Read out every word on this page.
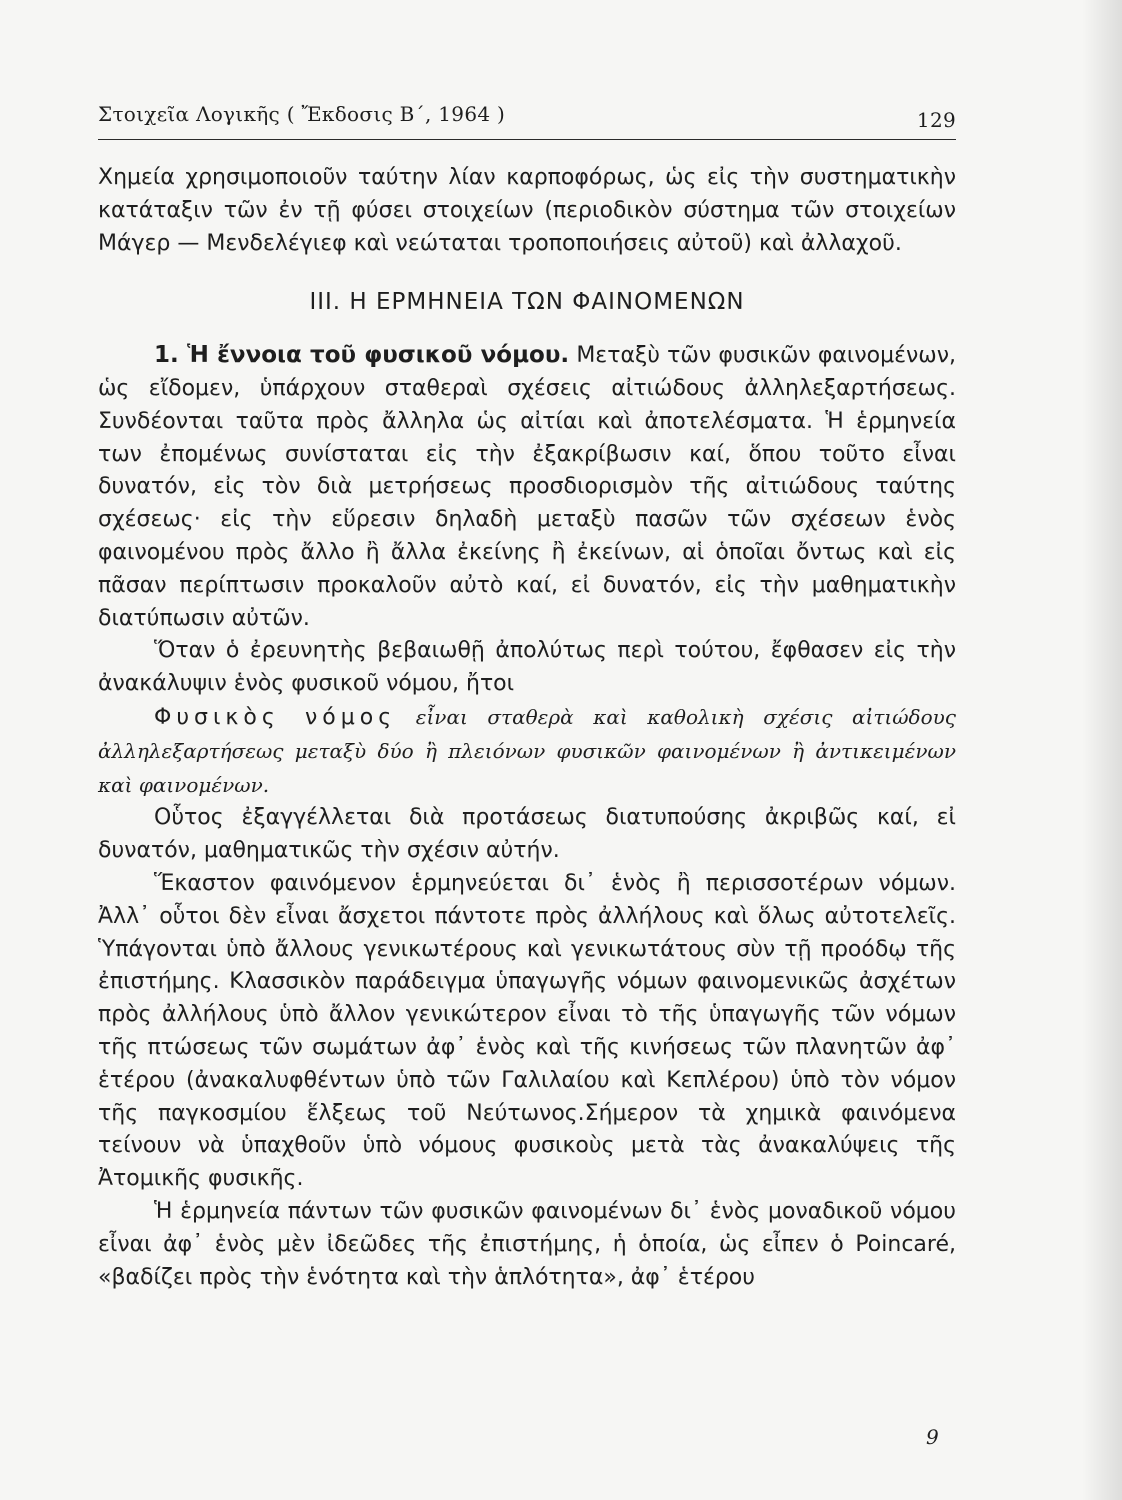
Στοιχεῖα Λογικῆς ( Ἔκδοσις Β΄, 1964 )	129

Χημεία χρησιμοποιοῦν ταύτην λίαν καρποφόρως, ὡς εἰς τὴν συστηματικὴν κατάταξιν τῶν ἐν τῇ φύσει στοιχείων (περιοδικὸν σύστημα τῶν στοιχείων Μάγερ — Μενδελέγιεφ καὶ νεώταται τροποποιήσεις αὐτοῦ) καὶ ἀλλαχοῦ.

III. Η ΕΡΜΗΝΕΙΑ ΤΩΝ ΦΑΙΝΟΜΕΝΩΝ

1. Ἡ ἔννοια τοῦ φυσικοῦ νόμου. Μεταξὺ τῶν φυσικῶν φαινομένων, ὡς εἴδομεν, ὑπάρχουν σταθεραὶ σχέσεις αἰτιώδους ἀλληλεξαρτήσεως. Συνδέονται ταῦτα πρὸς ἄλληλα ὡς αἰτίαι καὶ ἀποτελέσματα. Ἡ ἑρμηνεία των ἐπομένως συνίσταται εἰς τὴν ἐξακρίβωσιν καί, ὅπου τοῦτο εἶναι δυνατόν, εἰς τὸν διὰ μετρήσεως προσδιορισμὸν τῆς αἰτιώδους ταύτης σχέσεως· εἰς τὴν εὕρεσιν δηλαδὴ μεταξὺ πασῶν τῶν σχέσεων ἑνὸς φαινομένου πρὸς ἄλλο ἢ ἄλλα ἐκείνης ἢ ἐκείνων, αἱ ὁποῖαι ὄντως καὶ εἰς πᾶσαν περίπτωσιν προκαλοῦν αὐτὸ καί, εἰ δυνατόν, εἰς τὴν μαθηματικὴν διατύπωσιν αὐτῶν.

Ὅταν ὁ ἐρευνητὴς βεβαιωθῇ ἀπολύτως περὶ τούτου, ἔφθασεν εἰς τὴν ἀνακάλυψιν ἑνὸς φυσικοῦ νόμου, ἤτοι

Φυσικὸς νόμος εἶναι σταθερὰ καὶ καθολικὴ σχέσις αἰτιώδους ἀλληλεξαρτήσεως μεταξὺ δύο ἢ πλειόνων φυσικῶν φαινομένων ἢ ἀντικειμένων καὶ φαινομένων.

Οὗτος ἐξαγγέλλεται διὰ προτάσεως διατυπούσης ἀκριβῶς καί, εἰ δυνατόν, μαθηματικῶς τὴν σχέσιν αὐτήν.

Ἕκαστον φαινόμενον ἑρμηνεύεται δι᾽ ἑνὸς ἢ περισσοτέρων νόμων. Ἀλλ᾽ οὗτοι δὲν εἶναι ἄσχετοι πάντοτε πρὸς ἀλλήλους καὶ ὅλως αὐτοτελεῖς. Ὑπάγονται ὑπὸ ἄλλους γενικωτέρους καὶ γενικωτάτους σὺν τῇ προόδῳ τῆς ἐπιστήμης. Κλασσικὸν παράδειγμα ὑπαγωγῆς νόμων φαινομενικῶς ἀσχέτων πρὸς ἀλλήλους ὑπὸ ἄλλον γενικώτερον εἶναι τὸ τῆς ὑπαγωγῆς τῶν νόμων τῆς πτώσεως τῶν σωμάτων ἀφ᾽ ἑνὸς καὶ τῆς κινήσεως τῶν πλανητῶν ἀφ᾽ ἑτέρου (ἀνακαλυφθέντων ὑπὸ τῶν Γαλιλαίου καὶ Κεπλέρου) ὑπὸ τὸν νόμον τῆς παγκοσμίου ἕλξεως τοῦ Νεύτωνος.Σήμερον τὰ χημικὰ φαινόμενα τείνουν νὰ ὑπαχθοῦν ὑπὸ νόμους φυσικοὺς μετὰ τὰς ἀνακαλύψεις τῆς Ἀτομικῆς φυσικῆς.

Ἡ ἑρμηνεία πάντων τῶν φυσικῶν φαινομένων δι᾽ ἑνὸς μοναδικοῦ νόμου εἶναι ἀφ᾽ ἑνὸς μὲν ἰδεῶδες τῆς ἐπιστήμης, ἡ ὁποία, ὡς εἶπεν ὁ Poincaré, «βαδίζει πρὸς τὴν ἑνότητα καὶ τὴν ἁπλότητα», ἀφ᾽ ἑτέρου

9
